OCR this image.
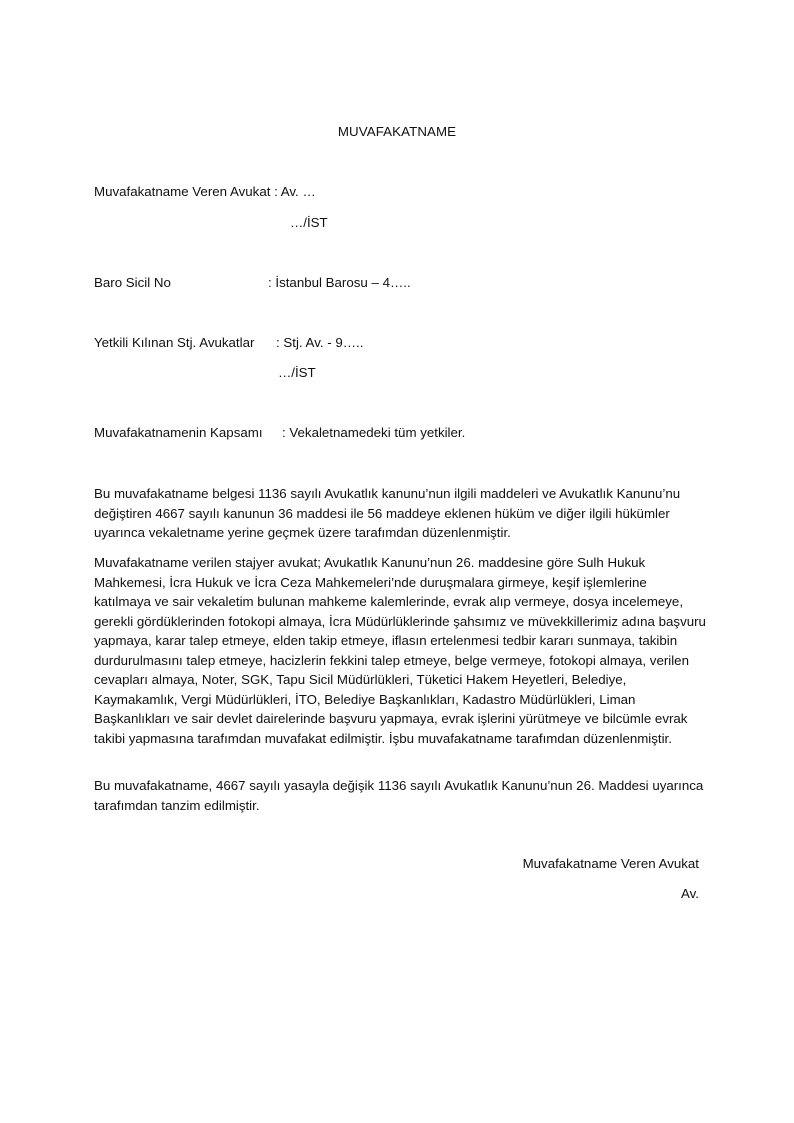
MUVAFAKATNAME
Muvafakatname Veren Avukat : Av. …
…/İST
Baro Sicil No	: İstanbul Barosu – 4…..
Yetkili Kılınan Stj. Avukatlar : Stj. Av. - 9…..
…/İST
Muvafakatnamenin Kapsamı : Vekaletnamedeki tüm yetkiler.

Bu muvafakatname belgesi 1136 sayılı Avukatlık kanunu’nun ilgili maddeleri ve Avukatlık Kanunu’nu değiştiren 4667 sayılı kanunun 36 maddesi ile 56 maddeye eklenen hüküm ve diğer ilgili hükümler uyarınca vekaletname yerine geçmek üzere tarafımdan düzenlenmiştir.

Muvafakatname verilen stajyer avukat; Avukatlık Kanunu’nun 26. maddesine göre Sulh Hukuk Mahkemesi, İcra Hukuk ve İcra Ceza Mahkemeleri’nde duruşmalara girmeye, keşif işlemlerine katılmaya ve sair vekaletim bulunan mahkeme kalemlerinde, evrak alıp vermeye, dosya incelemeye, gerekli gördüklerinden fotokopi almaya, İcra Müdürlüklerinde şahsımız ve müvekkillerimiz adına başvuru yapmaya, karar talep etmeye, elden takip etmeye, iflasın ertelenmesi tedbir kararı sunmaya, takibin durdurulmasını talep etmeye, hacizlerin fekkini talep etmeye, belge vermeye, fotokopi almaya, verilen cevapları almaya, Noter, SGK, Tapu Sicil Müdürlükleri, Tüketici Hakem Heyetleri, Belediye, Kaymakamlık, Vergi Müdürlükleri, İTO, Belediye Başkanlıkları, Kadastro Müdürlükleri, Liman Başkanlıkları ve sair devlet dairelerinde başvuru yapmaya, evrak işlerini yürütmeye ve bilcümle evrak takibi yapmasına tarafımdan muvafakat edilmiştir. İşbu muvafakatname tarafımdan düzenlenmiştir.

Bu muvafakatname, 4667 sayılı yasayla değişik 1136 sayılı Avukatlık Kanunu’nun 26. Maddesi uyarınca tarafımdan tanzim edilmiştir.

Muvafakatname Veren Avukat
Av.
